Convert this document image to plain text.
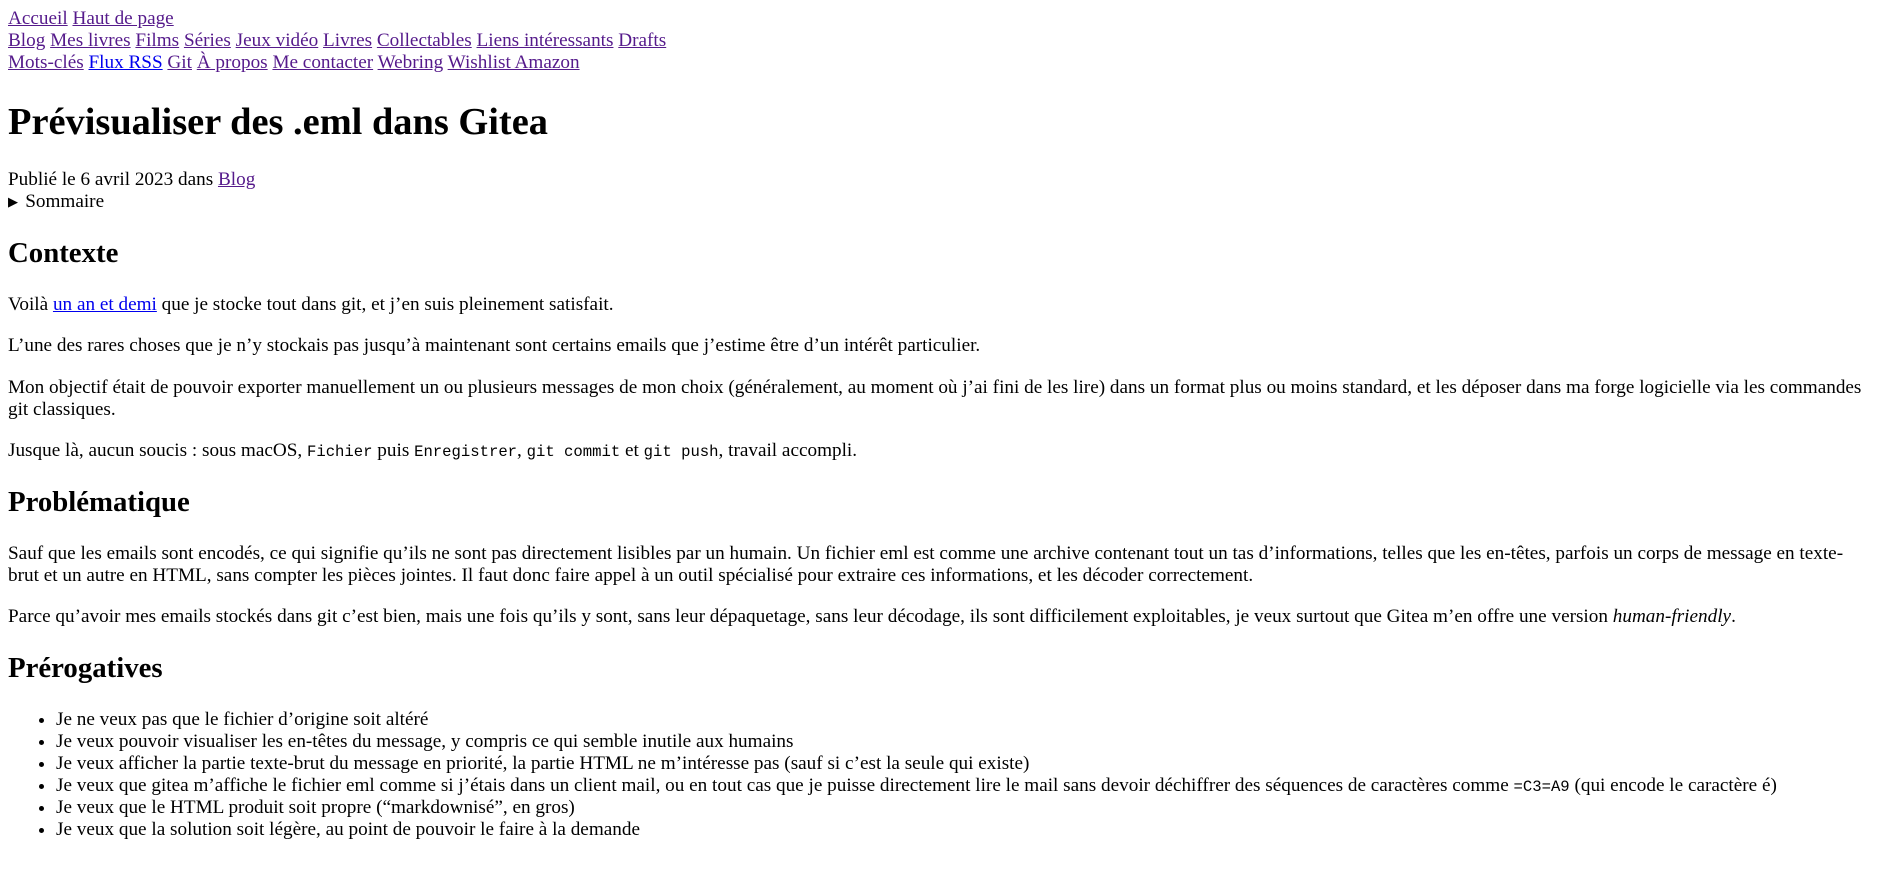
Accueil Haut de page
Blog Mes livres Films Séries Jeux vidéo Livres Collectables Liens intéressants Drafts
Mots-clés Flux RSS Git À propos Me contacter Webring Wishlist Amazon
Prévisualiser des .eml dans Gitea
Publié le 6 avril 2023 dans Blog
▶ Sommaire
Contexte

Voilà un an et demi que je stocke tout dans git, et j’en suis pleinement satisfait.

L’une des rares choses que je n’y stockais pas jusqu’à maintenant sont certains emails que j’estime être d’un intérêt particulier.

Mon objectif était de pouvoir exporter manuellement un ou plusieurs messages de mon choix (généralement, au moment où j’ai fini de les lire) dans un format plus ou moins standard, et les déposer dans ma forge logicielle via les commandes git classiques.

Jusque là, aucun soucis : sous macOS, Fichier puis Enregistrer, git commit et git push, travail accompli.

Problématique

Sauf que les emails sont encodés, ce qui signifie qu’ils ne sont pas directement lisibles par un humain. Un fichier eml est comme une archive contenant tout un tas d’informations, telles que les en-têtes, parfois un corps de message en texte-brut et un autre en HTML, sans compter les pièces jointes. Il faut donc faire appel à un outil spécialisé pour extraire ces informations, et les décoder correctement.

Parce qu’avoir mes emails stockés dans git c’est bien, mais une fois qu’ils y sont, sans leur dépaquetage, sans leur décodage, ils sont difficilement exploitables, je veux surtout que Gitea m’en offre une version human-friendly.

Prérogatives
• Je ne veux pas que le fichier d’origine soit altéré
• Je veux pouvoir visualiser les en-têtes du message, y compris ce qui semble inutile aux humains
• Je veux afficher la partie texte-brut du message en priorité, la partie HTML ne m’intéresse pas (sauf si c’est la seule qui existe)
• Je veux que gitea m’affiche le fichier eml comme si j’étais dans un client mail, ou en tout cas que je puisse directement lire le mail sans devoir déchiffrer des séquences de caractères comme =C3=A9 (qui encode le caractère é)
• Je veux que le HTML produit soit propre (“markdownisé”, en gros)
• Je veux que la solution soit légère, au point de pouvoir le faire à la demande
